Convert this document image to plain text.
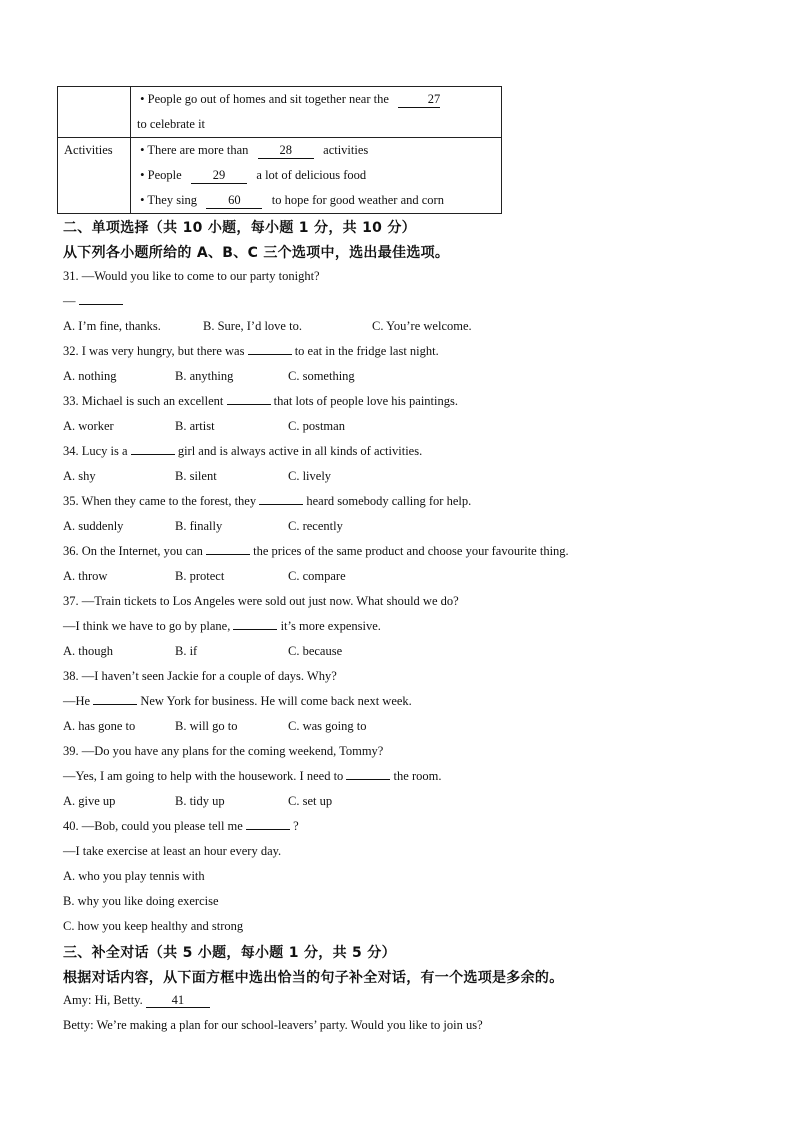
	• People go out of homes and sit together near the 27
to celebrate it

Activities	• There are more than 28 activities
• People 29 a lot of delicious food
• They sing 60 to hope for good weather and corn
二、单项选择（共 10 小题，每小题 1 分，共 10 分）
从下列各小题所给的 A、B、C 三个选项中，选出最佳选项。
31. —Would you like to come to our party tonight?
—
A. I’m fine, thanks.	B. Sure, I’d love to.	C. You’re welcome.
32. I was very hungry, but there was	to eat in the fridge last night.
A. nothing	B. anything	C. something
33. Michael is such an excellent	that lots of people love his paintings.
A. worker	B. artist	C. postman
34. Lucy is a	girl and is always active in all kinds of activities.
A. shy	B. silent	C. lively
35. When they came to the forest, they	heard somebody calling for help.
A. suddenly	B. finally	C. recently
36. On the Internet, you can	the prices of the same product and choose your favourite thing.
A. throw	B. protect	C. compare
37. —Train tickets to Los Angeles were sold out just now. What should we do?
—I think we have to go by plane,	it’s more expensive.
A. though	B. if	C. because
38. —I haven’t seen Jackie for a couple of days. Why?
—He	New York for business. He will come back next week.
A. has gone to	B. will go to	C. was going to
39. —Do you have any plans for the coming weekend, Tommy?
—Yes, I am going to help with the housework. I need to	the room.
A. give up	B. tidy up	C. set up
40. —Bob, could you please tell me	?
—I take exercise at least an hour every day.
A. who you play tennis with
B. why you like doing exercise
C. how you keep healthy and strong
三、补全对话（共 5 小题，每小题 1 分，共 5 分）
根据对话内容，从下面方框中选出恰当的句子补全对话，有一个选项是多余的。
Amy: Hi, Betty. 41
Betty: We’re making a plan for our school-leavers’ party. Would you like to join us?
